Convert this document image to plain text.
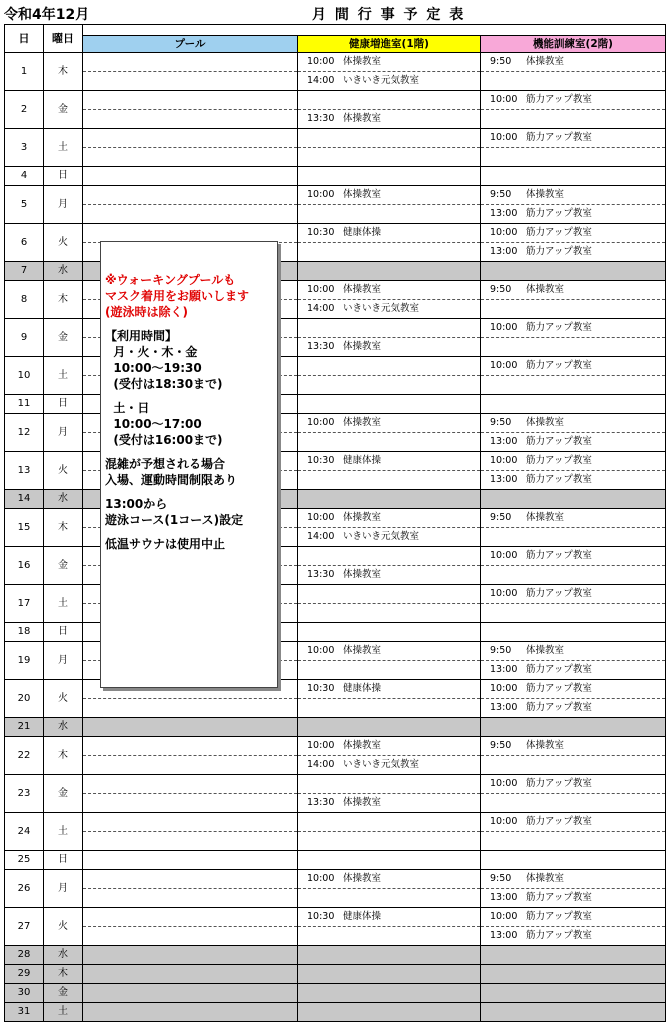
令和4年12月	月 間 行 事 予 定 表
日	曜日			
		プール	健康増進室(1階)	機能訓練室(2階)
1	木		10:00 体操教室	9:50 体操教室
			14:00 いきいき元気教室	
2	金			10:00 筋力アップ教室
			13:30 体操教室	
3	土			10:00 筋力アップ教室

4	日			
5	月		10:00 体操教室	9:50 体操教室
				13:00 筋力アップ教室
6	火		10:30 健康体操	10:00 筋力アップ教室
				13:00 筋力アップ教室
7	水			
8	木		10:00 体操教室	9:50 体操教室
			14:00 いきいき元気教室	
9	金			10:00 筋力アップ教室
			13:30 体操教室	
10	土			10:00 筋力アップ教室

11	日			
12	月		10:00 体操教室	9:50 体操教室
				13:00 筋力アップ教室
13	火		10:30 健康体操	10:00 筋力アップ教室
				13:00 筋力アップ教室
14	水			
15	木		10:00 体操教室	9:50 体操教室
			14:00 いきいき元気教室	
16	金			10:00 筋力アップ教室
			13:30 体操教室	
17	土			10:00 筋力アップ教室

18	日			
19	月		10:00 体操教室	9:50 体操教室
				13:00 筋力アップ教室
20	火		10:30 健康体操	10:00 筋力アップ教室
				13:00 筋力アップ教室
21	水			
22	木		10:00 体操教室	9:50 体操教室
			14:00 いきいき元気教室	
23	金			10:00 筋力アップ教室
			13:30 体操教室	
24	土			10:00 筋力アップ教室

25	日			
26	月		10:00 体操教室	9:50 体操教室
				13:00 筋力アップ教室
27	火		10:30 健康体操	10:00 筋力アップ教室
				13:00 筋力アップ教室
28	水			
29	木			
30	金			
31	土			

※ウォーキングプールも

マスク着用をお願いします

(遊泳時は除く)

【利用時間】

月・火・木・金

10:00～19:30

(受付は18:30まで)

土・日

10:00～17:00

(受付は16:00まで)

混雑が予想される場合

入場、運動時間制限あり

13:00から

遊泳コース(1コース)設定

低温サウナは使用中止
